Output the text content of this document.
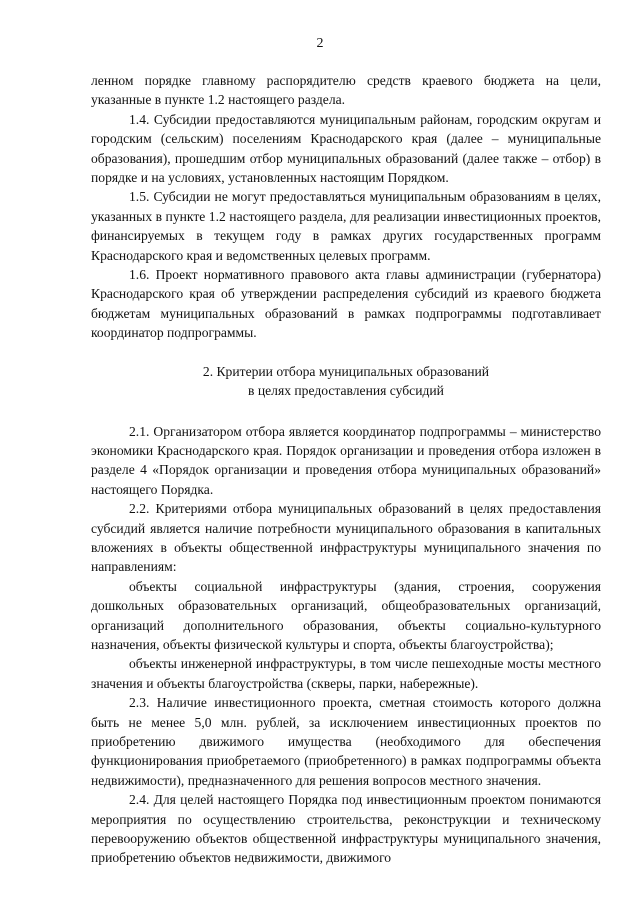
2

ленном порядке главному распорядителю средств краевого бюджета на цели, указанные в пункте 1.2 настоящего раздела.

1.4. Субсидии предоставляются муниципальным районам, городским округам и городским (сельским) поселениям Краснодарского края (далее – муниципальные образования), прошедшим отбор муниципальных образований (далее также – отбор) в порядке и на условиях, установленных настоящим Порядком.

1.5. Субсидии не могут предоставляться муниципальным образованиям в целях, указанных в пункте 1.2 настоящего раздела, для реализации инвестиционных проектов, финансируемых в текущем году в рамках других государственных программ Краснодарского края и ведомственных целевых программ.

1.6. Проект нормативного правового акта главы администрации (губернатора) Краснодарского края об утверждении распределения субсидий из краевого бюджета бюджетам муниципальных образований в рамках подпрограммы подготавливает координатор подпрограммы.

2. Критерии отбора муниципальных образований
в целях предоставления субсидий

2.1. Организатором отбора является координатор подпрограммы – министерство экономики Краснодарского края. Порядок организации и проведения отбора изложен в разделе 4 «Порядок организации и проведения отбора муниципальных образований» настоящего Порядка.

2.2. Критериями отбора муниципальных образований в целях предоставления субсидий является наличие потребности муниципального образования в капитальных вложениях в объекты общественной инфраструктуры муниципального значения по направлениям:

объекты социальной инфраструктуры (здания, строения, сооружения дошкольных образовательных организаций, общеобразовательных организаций, организаций дополнительного образования, объекты социально-культурного назначения, объекты физической культуры и спорта, объекты благоустройства);

объекты инженерной инфраструктуры, в том числе пешеходные мосты местного значения и объекты благоустройства (скверы, парки, набережные).

2.3. Наличие инвестиционного проекта, сметная стоимость которого должна быть не менее 5,0 млн. рублей, за исключением инвестиционных проектов по приобретению движимого имущества (необходимого для обеспечения функционирования приобретаемого (приобретенного) в рамках подпрограммы объекта недвижимости), предназначенного для решения вопросов местного значения.

2.4. Для целей настоящего Порядка под инвестиционным проектом понимаются мероприятия по осуществлению строительства, реконструкции и техническому перевооружению объектов общественной инфраструктуры муниципального значения, приобретению объектов недвижимости, движимого
